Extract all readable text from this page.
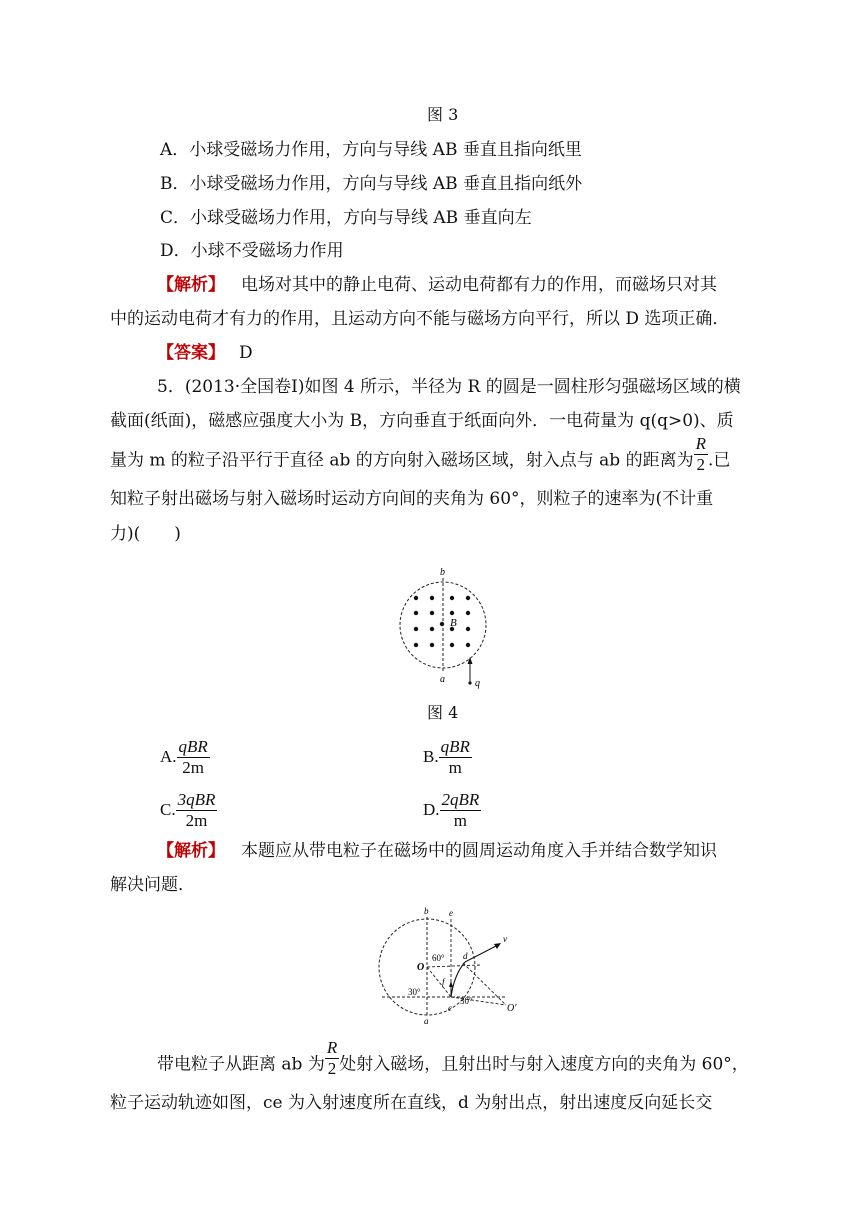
图 3
A．小球受磁场力作用，方向与导线 AB 垂直且指向纸里
B．小球受磁场力作用，方向与导线 AB 垂直且指向纸外
C．小球受磁场力作用，方向与导线 AB 垂直向左
D．小球不受磁场力作用
【解析】 电场对其中的静止电荷、运动电荷都有力的作用，而磁场只对其
中的运动电荷才有力的作用，且运动方向不能与磁场方向平行，所以 D 选项正确．
【答案】 D
5．(2013·全国卷Ⅰ)如图 4 所示，半径为 R 的圆是一圆柱形匀强磁场区域的横
截面(纸面)，磁感应强度大小为 B，方向垂直于纸面向外．一电荷量为 q(q>0)、质
量为 m 的粒子沿平行于直径 ab 的方向射入磁场区域，射入点与 ab 的距离为 $\frac{R}{2}$ .已
知粒子射出磁场与射入磁场时运动方向间的夹角为 60°，则粒子的速率为(不计重
力)(　　)
b
a
B
q
图 4
A. $\frac{\text{qBR}}{2m}$	B. $\frac{\text{qBR}}{m}$
C. $\frac{\text{3qBR}}{2m}$	D. $\frac{\text{2qBR}}{m}$
【解析】 本题应从带电粒子在磁场中的圆周运动角度入手并结合数学知识
解决问题．
b e
v
O
60° d
f
30°
30°
c	O′
a
带电粒子从距离 ab 为 $\frac{R}{2}$ 处射入磁场，且射出时与射入速度方向的夹角为 60°，
粒子运动轨迹如图，ce 为入射速度所在直线，d 为射出点，射出速度反向延长交
